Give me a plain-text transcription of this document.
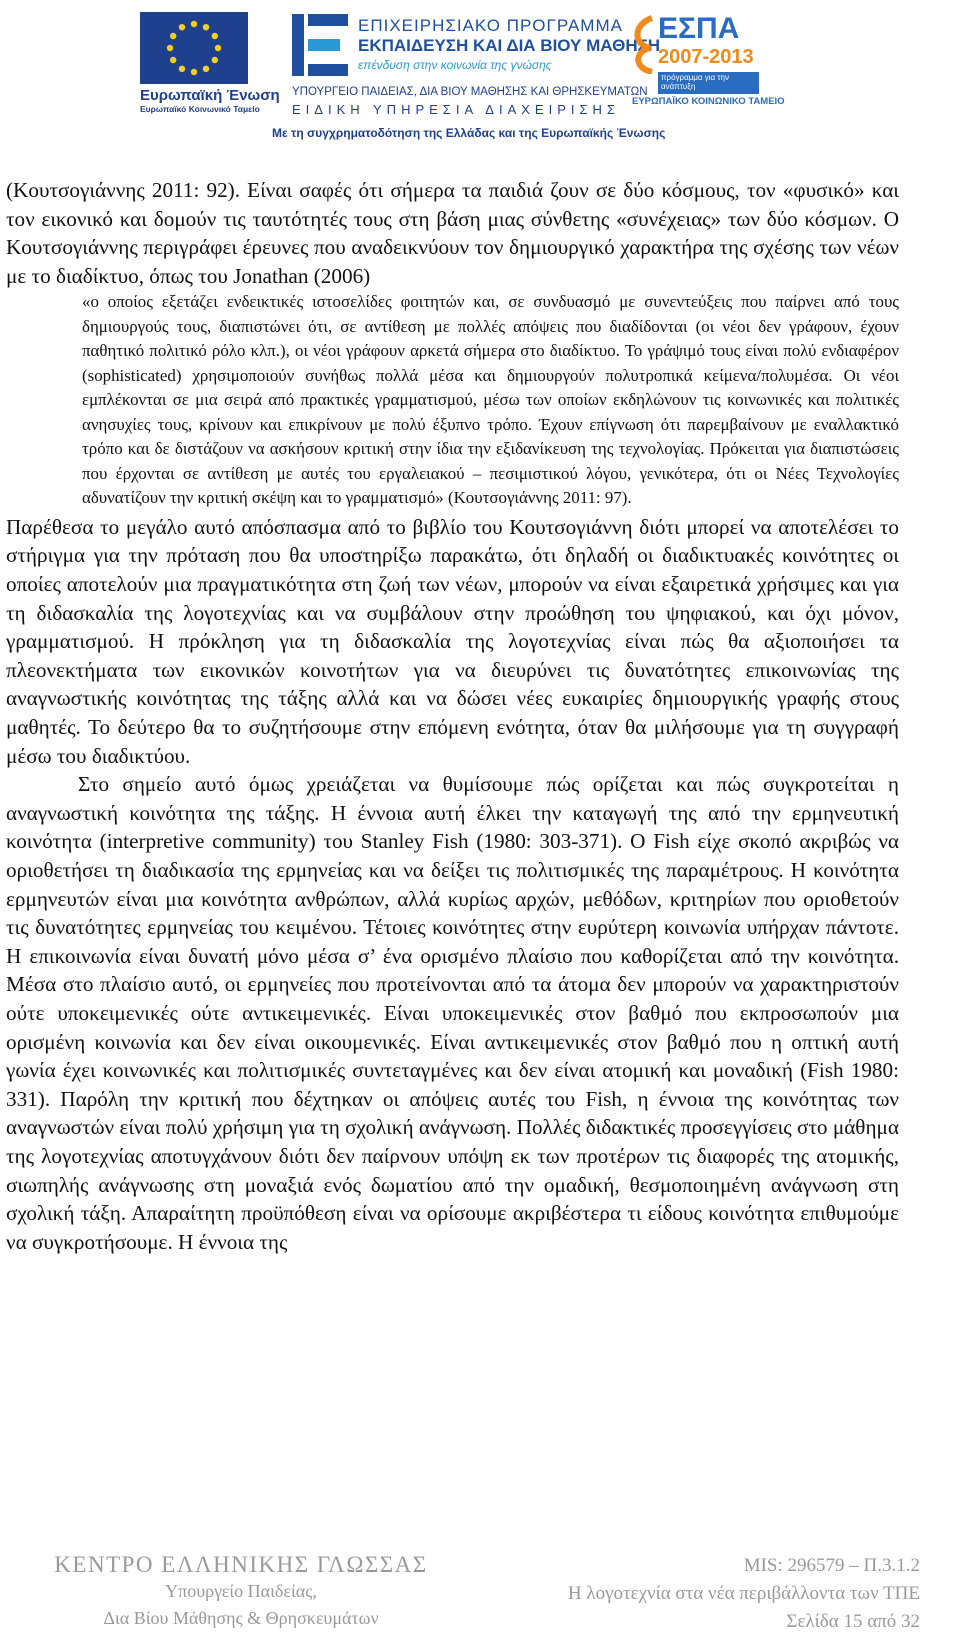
Ευρωπαϊκή Ένωση
Ευρωπαϊκό Κοινωνικό Ταμείο
ΕΠΙΧΕΙΡΗΣΙΑΚΟ ΠΡΟΓΡΑΜΜΑ
ΕΚΠΑΙΔΕΥΣΗ ΚΑΙ ΔΙΑ ΒΙΟΥ ΜΑΘΗΣΗ
επένδυση στην κοινωνία της γνώσης
ΥΠΟΥΡΓΕΙΟ ΠΑΙΔΕΙΑΣ, ΔΙΑ ΒΙΟΥ ΜΑΘΗΣΗΣ ΚΑΙ ΘΡΗΣΚΕΥΜΑΤΩΝ
ΕΙΔΙΚΗ ΥΠΗΡΕΣΙΑ ΔΙΑΧΕΙΡΙΣΗΣ
Με τη συγχρηματοδότηση της Ελλάδας και της Ευρωπαϊκής Ένωσης
ΕΣΠΑ
2007-2013
πρόγραμμα για την ανάπτυξη
ΕΥΡΩΠΑΪΚΟ ΚΟΙΝΩΝΙΚΟ ΤΑΜΕΙΟ

(Κουτσογιάννης 2011: 92). Είναι σαφές ότι σήμερα τα παιδιά ζουν σε δύο κόσμους, τον «φυσικό» και τον εικονικό και δομούν τις ταυτότητές τους στη βάση μιας σύνθετης «συνέχειας» των δύο κόσμων. Ο Κουτσογιάννης περιγράφει έρευνες που αναδεικνύουν τον δημιουργικό χαρακτήρα της σχέσης των νέων με το διαδίκτυο, όπως του Jonathan (2006)

«ο οποίος εξετάζει ενδεικτικές ιστοσελίδες φοιτητών και, σε συνδυασμό με συνεντεύξεις που παίρνει από τους δημιουργούς τους, διαπιστώνει ότι, σε αντίθεση με πολλές απόψεις που διαδίδονται (οι νέοι δεν γράφουν, έχουν παθητικό πολιτικό ρόλο κλπ.), οι νέοι γράφουν αρκετά σήμερα στο διαδίκτυο. Το γράψιμό τους είναι πολύ ενδιαφέρον (sophisticated) χρησιμοποιούν συνήθως πολλά μέσα και δημιουργούν πολυτροπικά κείμενα/πολυμέσα. Οι νέοι εμπλέκονται σε μια σειρά από πρακτικές γραμματισμού, μέσω των οποίων εκδηλώνουν τις κοινωνικές και πολιτικές ανησυχίες τους, κρίνουν και επικρίνουν με πολύ έξυπνο τρόπο. Έχουν επίγνωση ότι παρεμβαίνουν με εναλλακτικό τρόπο και δε διστάζουν να ασκήσουν κριτική στην ίδια την εξιδανίκευση της τεχνολογίας. Πρόκειται για διαπιστώσεις που έρχονται σε αντίθεση με αυτές του εργαλειακού – πεσιμιστικού λόγου, γενικότερα, ότι οι Νέες Τεχνολογίες αδυνατίζουν την κριτική σκέψη και το γραμματισμό» (Κουτσογιάννης 2011: 97).

Παρέθεσα το μεγάλο αυτό απόσπασμα από το βιβλίο του Κουτσογιάννη διότι μπορεί να αποτελέσει το στήριγμα για την πρόταση που θα υποστηρίξω παρακάτω, ότι δηλαδή οι διαδικτυακές κοινότητες οι οποίες αποτελούν μια πραγματικότητα στη ζωή των νέων, μπορούν να είναι εξαιρετικά χρήσιμες και για τη διδασκαλία της λογοτεχνίας και να συμβάλουν στην προώθηση του ψηφιακού, και όχι μόνον, γραμματισμού. Η πρόκληση για τη διδασκαλία της λογοτεχνίας είναι πώς θα αξιοποιήσει τα πλεονεκτήματα των εικονικών κοινοτήτων για να διευρύνει τις δυνατότητες επικοινωνίας της αναγνωστικής κοινότητας της τάξης αλλά και να δώσει νέες ευκαιρίες δημιουργικής γραφής στους μαθητές. Το δεύτερο θα το συζητήσουμε στην επόμενη ενότητα, όταν θα μιλήσουμε για τη συγγραφή μέσω του διαδικτύου.

Στο σημείο αυτό όμως χρειάζεται να θυμίσουμε πώς ορίζεται και πώς συγκροτείται η αναγνωστική κοινότητα της τάξης. Η έννοια αυτή έλκει την καταγωγή της από την ερμηνευτική κοινότητα (interpretive community) του Stanley Fish (1980: 303-371). Ο Fish είχε σκοπό ακριβώς να οριοθετήσει τη διαδικασία της ερμηνείας και να δείξει τις πολιτισμικές της παραμέτρους. Η κοινότητα ερμηνευτών είναι μια κοινότητα ανθρώπων, αλλά κυρίως αρχών, μεθόδων, κριτηρίων που οριοθετούν τις δυνατότητες ερμηνείας του κειμένου. Τέτοιες κοινότητες στην ευρύτερη κοινωνία υπήρχαν πάντοτε. Η επικοινωνία είναι δυνατή μόνο μέσα σ’ ένα ορισμένο πλαίσιο που καθορίζεται από την κοινότητα. Μέσα στο πλαίσιο αυτό, οι ερμηνείες που προτείνονται από τα άτομα δεν μπορούν να χαρακτηριστούν ούτε υποκειμενικές ούτε αντικειμενικές. Είναι υποκειμενικές στον βαθμό που εκπροσωπούν μια ορισμένη κοινωνία και δεν είναι οικουμενικές. Είναι αντικειμενικές στον βαθμό που η οπτική αυτή γωνία έχει κοινωνικές και πολιτισμικές συντεταγμένες και δεν είναι ατομική και μοναδική (Fish 1980: 331). Παρόλη την κριτική που δέχτηκαν οι απόψεις αυτές του Fish, η έννοια της κοινότητας των αναγνωστών είναι πολύ χρήσιμη για τη σχολική ανάγνωση. Πολλές διδακτικές προσεγγίσεις στο μάθημα της λογοτεχνίας αποτυγχάνουν διότι δεν παίρνουν υπόψη εκ των προτέρων τις διαφορές της ατομικής, σιωπηλής ανάγνωσης στη μοναξιά ενός δωματίου από την ομαδική, θεσμοποιημένη ανάγνωση στη σχολική τάξη. Απαραίτητη προϋπόθεση είναι να ορίσουμε ακριβέστερα τι είδους κοινότητα επιθυμούμε να συγκροτήσουμε. Η έννοια της

ΚΕΝΤΡΟ ΕΛΛΗΝΙΚΗΣ ΓΛΩΣΣΑΣ
Υπουργείο Παιδείας,
Δια Βίου Μάθησης & Θρησκευμάτων
MIS: 296579 – Π.3.1.2
Η λογοτεχνία στα νέα περιβάλλοντα των ΤΠΕ
Σελίδα 15 από 32
